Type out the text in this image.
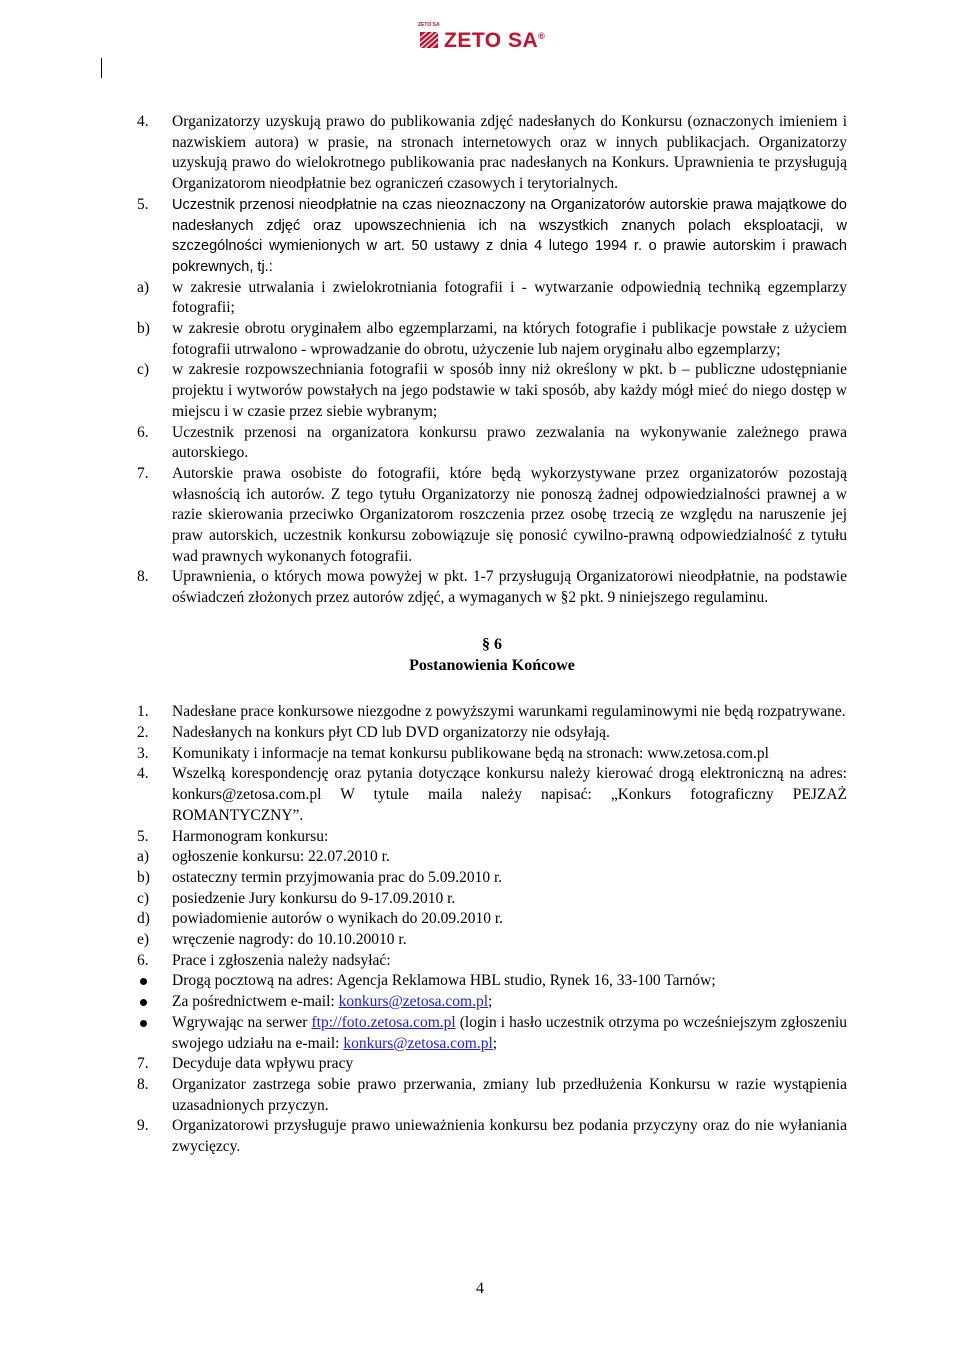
ZETO SA
ZETO SA®
4.	Organizatorzy uzyskują prawo do publikowania zdjęć nadesłanych do Konkursu (oznaczonych imieniem i nazwiskiem autora) w prasie, na stronach internetowych oraz w innych publikacjach. Organizatorzy uzyskują prawo do wielokrotnego publikowania prac nadesłanych na Konkurs. Uprawnienia te przysługują Organizatorom nieodpłatnie bez ograniczeń czasowych i terytorialnych.
5.	Uczestnik przenosi nieodpłatnie na czas nieoznaczony na Organizatorów autorskie prawa majątkowe do nadesłanych zdjęć oraz upowszechnienia ich na wszystkich znanych polach eksploatacji, w szczególności wymienionych w art. 50 ustawy z dnia 4 lutego 1994 r. o prawie autorskim i prawach pokrewnych, tj.:
a)	w zakresie utrwalania i zwielokrotniania fotografii i - wytwarzanie odpowiednią techniką egzemplarzy fotografii;
b)	w zakresie obrotu oryginałem albo egzemplarzami, na których fotografie i publikacje powstałe z użyciem fotografii utrwalono - wprowadzanie do obrotu, użyczenie lub najem oryginału albo egzemplarzy;
c)	w zakresie rozpowszechniania fotografii w sposób inny niż określony w pkt. b – publiczne udostępnianie projektu i wytworów powstałych na jego podstawie w taki sposób, aby każdy mógł mieć do niego dostęp w miejscu i w czasie przez siebie wybranym;
6.	Uczestnik przenosi na organizatora konkursu prawo zezwalania na wykonywanie zależnego prawa autorskiego.
7.	Autorskie prawa osobiste do fotografii, które będą wykorzystywane przez organizatorów pozostają własnością ich autorów. Z tego tytułu Organizatorzy nie ponoszą żadnej odpowiedzialności prawnej a w razie skierowania przeciwko Organizatorom roszczenia przez osobę trzecią ze względu na naruszenie jej praw autorskich, uczestnik konkursu zobowiązuje się ponosić cywilno-prawną odpowiedzialność z tytułu wad prawnych wykonanych fotografii.
8.	Uprawnienia, o których mowa powyżej w pkt. 1-7 przysługują Organizatorowi nieodpłatnie, na podstawie oświadczeń złożonych przez autorów zdjęć, a wymaganych w §2 pkt. 9 niniejszego regulaminu.
§ 6
Postanowienia Końcowe
1.	Nadesłane prace konkursowe niezgodne z powyższymi warunkami regulaminowymi nie będą rozpatrywane.
2.	Nadesłanych na konkurs płyt CD lub DVD organizatorzy nie odsyłają.
3.	Komunikaty i informacje na temat konkursu publikowane będą na stronach: www.zetosa.com.pl
4.	Wszelką korespondencję oraz pytania dotyczące konkursu należy kierować drogą elektroniczną na adres: konkurs@zetosa.com.pl W tytule maila należy napisać: „Konkurs fotograficzny PEJZAŻ ROMANTYCZNY”.
5.	Harmonogram konkursu:
a)	ogłoszenie konkursu: 22.07.2010 r.
b)	ostateczny termin przyjmowania prac do 5.09.2010 r.
c)	posiedzenie Jury konkursu do 9-17.09.2010 r.
d)	powiadomienie autorów o wynikach do 20.09.2010 r.
e)	wręczenie nagrody: do 10.10.20010 r.
6.	Prace i zgłoszenia należy nadsyłać:
Drogą pocztową na adres: Agencja Reklamowa HBL studio, Rynek 16, 33-100 Tarnów;
Za pośrednictwem e-mail: konkurs@zetosa.com.pl;
Wgrywając na serwer ftp://foto.zetosa.com.pl (login i hasło uczestnik otrzyma po wcześniejszym zgłoszeniu swojego udziału na e-mail: konkurs@zetosa.com.pl;
7.	Decyduje data wpływu pracy
8.	Organizator zastrzega sobie prawo przerwania, zmiany lub przedłużenia Konkursu w razie wystąpienia uzasadnionych przyczyn.
9.	Organizatorowi przysługuje prawo unieważnienia konkursu bez podania przyczyny oraz do nie wyłaniania zwycięzcy.
4
